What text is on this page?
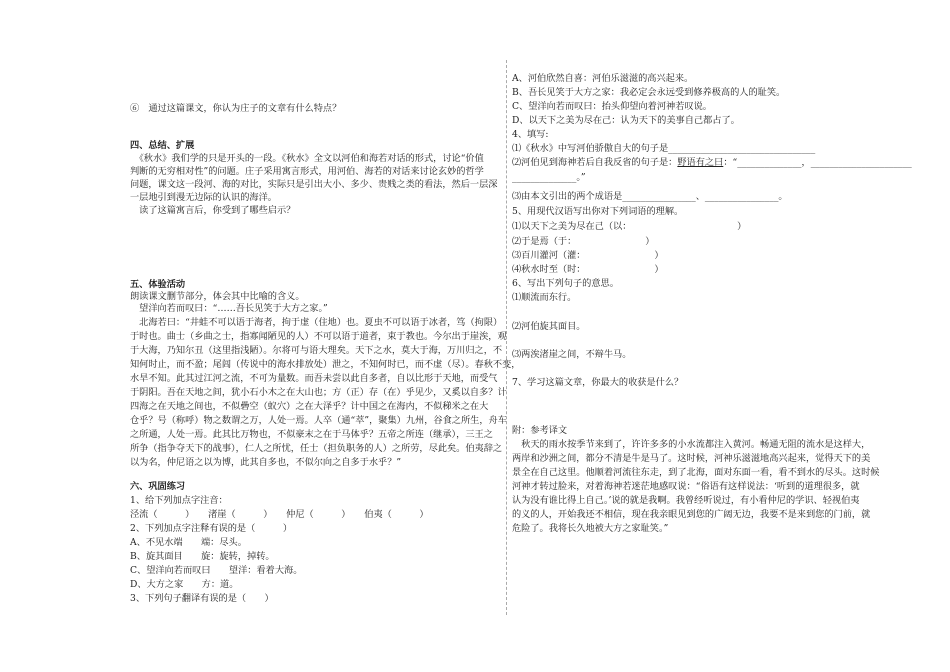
⑥　通过这篇课文，你认为庄子的文章有什么特点？
四、总结、扩展
　《秋水》我们学的只是开头的一段。《秋水》全文以河伯和海若对话的形式，讨论“价值
判断的无穷相对性”的问题。庄子采用寓言形式，用河伯、海若的对话来讨论玄妙的哲学
问题，课文这一段河、海的对比，实际只是引出大小、多少、贵贱之类的看法，然后一层深
一层地引到漫无边际的认识的海洋。
　读了这篇寓言后，你受到了哪些启示？
五、体验活动
朗读课文删节部分，体会其中比喻的含义。
　望洋向若而叹曰：“……吾长见笑于大方之家。”
　北海若曰：“井蛙不可以语于海者，拘于虚（住地）也。夏虫不可以语于冰者，笃（拘限）
于时也。曲士（乡曲之士，指寡闻陋见的人）不可以语于道者，束于教也。今尔出于崖涘，观
于大海，乃知尔丑（这里指浅陋）。尔将可与语大理矣。天下之水，莫大于海，万川归之，不
知何时止，而不盈；尾闾（传说中的海水排放处）泄之，不知何时已，而不虚（尽）。春秋不变，
水旱不知。此其过江河之流，不可为量数。而吾未尝以此自多者，自以比形于天地，而受气
于阴阳。吾在天地之间，犹小石小木之在大山也；方（正）存（在）乎见少，又奚以自多？计
四海之在天地之间也，不似礨空（蚁穴）之在大泽乎？计中国之在海内，不似稊米之在大
仓乎？号（称呼）物之数谓之万，人处一焉。人卒（通“萃”，聚集）九州，谷食之所生，舟车
之所通，人处一焉。此其比万物也，不似豪末之在于马体乎？五帝之所连（继承），三王之
所争（指争夺天下的战事），仁人之所忧，任士（担负职务的人）之所劳，尽此矣。伯夷辞之
以为名，仲尼语之以为博，此其自多也，不似尔向之自多于水乎？”
六、巩固练习
1、给下列加点字注音：
泾流（　　　）　　渚崖（　　　）　　仲尼（　　　）　　伯夷（　　　）
2、下列加点字注释有误的是（　　　）
A、不见水端　　端：尽头。
B、旋其面目　　旋：旋转，掉转。
C、望洋向若而叹曰　　望洋：看着大海。
D、大方之家　　方：道。
3、下列句子翻译有误的是（　　）
A、河伯欣然自喜：河伯乐滋滋的高兴起来。
B、吾长见笑于大方之家：我必定会永远受到修养极高的人的耻笑。
C、望洋向若而叹曰：抬头仰望向着河神若叹说。
D、以天下之美为尽在己：认为天下的美事自己都占了。
4、填写:
⑴《秋水》中写河伯骄傲自大的句子是________________________________
⑵河伯见到海神若后自我反省的句子是：野语有之曰：“______________，______________________
______________。”
⑶由本文引出的两个成语是________________、________________。
5、用现代汉语写出你对下列词语的理解。
⑴以天下之美为尽在己（以：　　　　　　　　　　　　）
⑵于是焉（于：　　　　　　　　）
⑶百川灌河（灌：　　　　　　　　）
⑷秋水时至（时：　　　　　　　　）
6、写出下列句子的意思。
⑴顺流而东行。
⑵河伯旋其面目。
⑶两涘渚崖之间，不辩牛马。
7、学习这篇文章，你最大的收获是什么？
附：参考译文
　秋天的雨水按季节来到了，许许多多的小水流都注入黄河。畅通无阻的流水是这样大，
两岸和沙洲之间，都分不清是牛是马了。这时候，河神乐滋滋地高兴起来，觉得天下的美
景全在自己这里。他顺着河流往东走，到了北海，面对东面一看，看不到水的尽头。这时候
河神才转过脸来，对着海神若迷茫地感叹说：“俗语有这样说法：‘听到的道理很多，就
认为没有谁比得上自己。’说的就是我啊。我曾经听说过，有小看仲尼的学识、轻视伯夷
的义的人，开始我还不相信，现在我亲眼见到您的广阔无边，我要不是来到您的门前，就
危险了。我将长久地被大方之家耻笑。”
